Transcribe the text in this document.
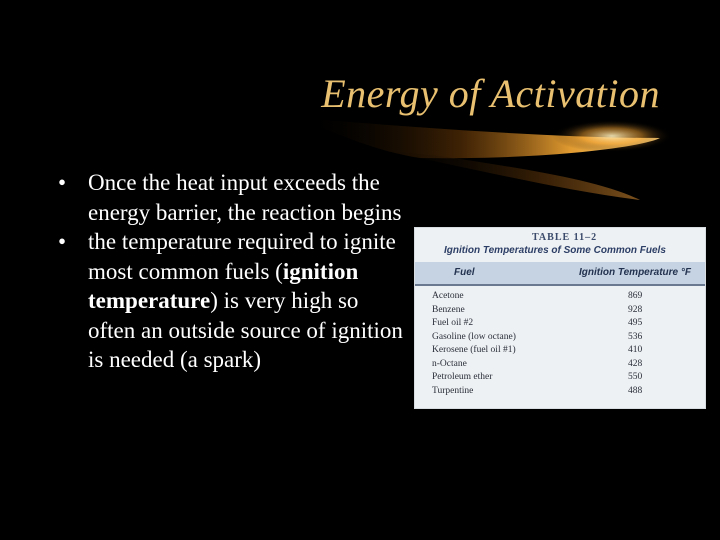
Energy of Activation
• Once the heat input exceeds the energy barrier, the reaction begins
• the temperature required to ignite most common fuels (ignition temperature) is very high so often an outside source of ignition is needed (a spark)
TABLE 11–2
Ignition Temperatures of Some Common Fuels
Fuel	Ignition Temperature °F
Acetone	869
Benzene	928
Fuel oil #2	495
Gasoline (low octane)	536
Kerosene (fuel oil #1)	410
n-Octane	428
Petroleum ether	550
Turpentine	488
